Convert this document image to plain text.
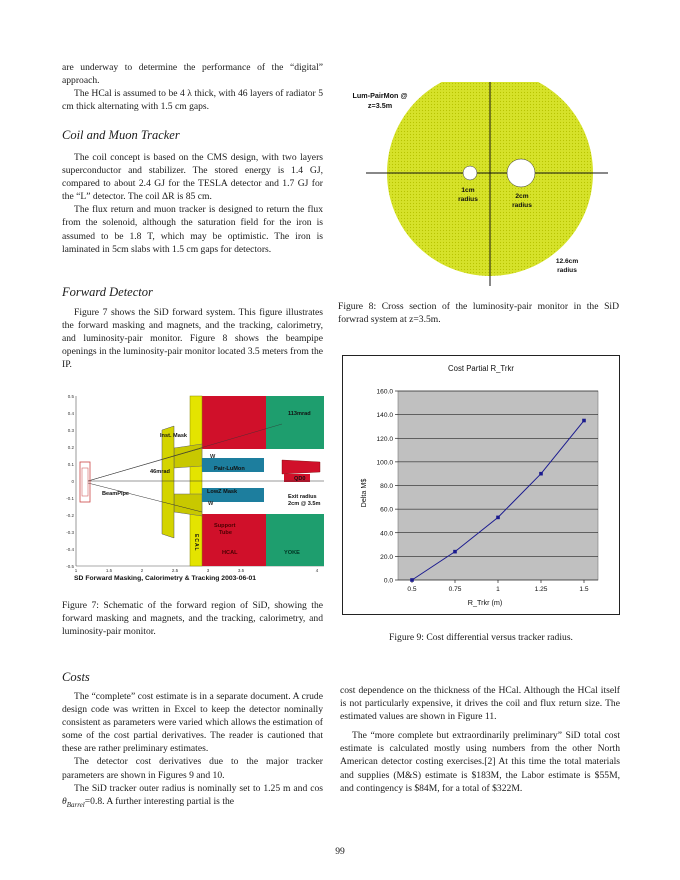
are underway to determine the performance of the “digital” approach.

The HCal is assumed to be 4 λ thick, with 46 layers of radiator 5 cm thick alternating with 1.5 cm gaps.

Coil and Muon Tracker

The coil concept is based on the CMS design, with two layers superconductor and stabilizer. The stored energy is 1.4 GJ, compared to about 2.4 GJ for the TESLA detector and 1.7 GJ for the “L” detector. The coil ΔR is 85 cm.

The flux return and muon tracker is designed to return the flux from the solenoid, although the saturation field for the iron is assumed to be 1.8 T, which may be optimistic. The iron is laminated in 5cm slabs with 1.5 cm gaps for detectors.

Forward Detector

Figure 7 shows the SiD forward system. This figure illustrates the forward masking and magnets, and the tracking, calorimetry, and luminosity-pair monitor. Figure 8 shows the beampipe openings in the luminosity-pair monitor located 3.5 meters from the IP.

0.5
0.4
0.3
0.2
0.1
0
-0.1
-0.2
-0.3
-0.4
-0.5
1	1.5	2	2.5	3	3.5	4
113mrad
Inst. Mask
W
46mrad	Pair-LuMon
QD0
BeamPipe	LowZ Mask
W
Exit radius
2cm @ 3.5m
Support
Tube
HCAL	YOKE
ECAL
SD Forward Masking, Calorimetry & Tracking 2003-06-01
Figure 7: Schematic of the forward region of SiD, showing the forward masking and magnets, and the tracking, calorimetry, and luminosity-pair monitor.
Lum-PairMon @
z=3.5m
1cm
radius	2cm
radius
12.6cm
radius
Figure 8: Cross section of the luminosity-pair monitor in the SiD forwrad system at z=3.5m.
Cost Partial R_Trkr
0.0
20.0
40.0
60.0
80.0
100.0
120.0
140.0
160.0
0.5	0.75	1	1.25	1.5
R_Trkr (m)
Delta M$
Figure 9: Cost differential versus tracker radius.
Costs

The “complete” cost estimate is in a separate document. A crude design code was written in Excel to keep the detector nominally consistent as parameters were varied which allows the estimation of some of the cost partial derivatives. The reader is cautioned that these are rather preliminary estimates.

The detector cost derivatives due to the major tracker parameters are shown in Figures 9 and 10.

The SiD tracker outer radius is nominally set to 1.25 m and $\cos \theta_{Barrel}=0.8$. A further interesting partial is the

cost dependence on the thickness of the HCal. Although the HCal itself is not particularly expensive, it drives the coil and flux return size. The estimated values are shown in Figure 11.

The “more complete but extraordinarily preliminary” SiD total cost estimate is calculated mostly using numbers from the other North American detector costing exercises.[2] At this time the total materials and supplies (M&S) estimate is $183M, the Labor estimate is $55M, and contingency is $84M, for a total of $322M.

99
